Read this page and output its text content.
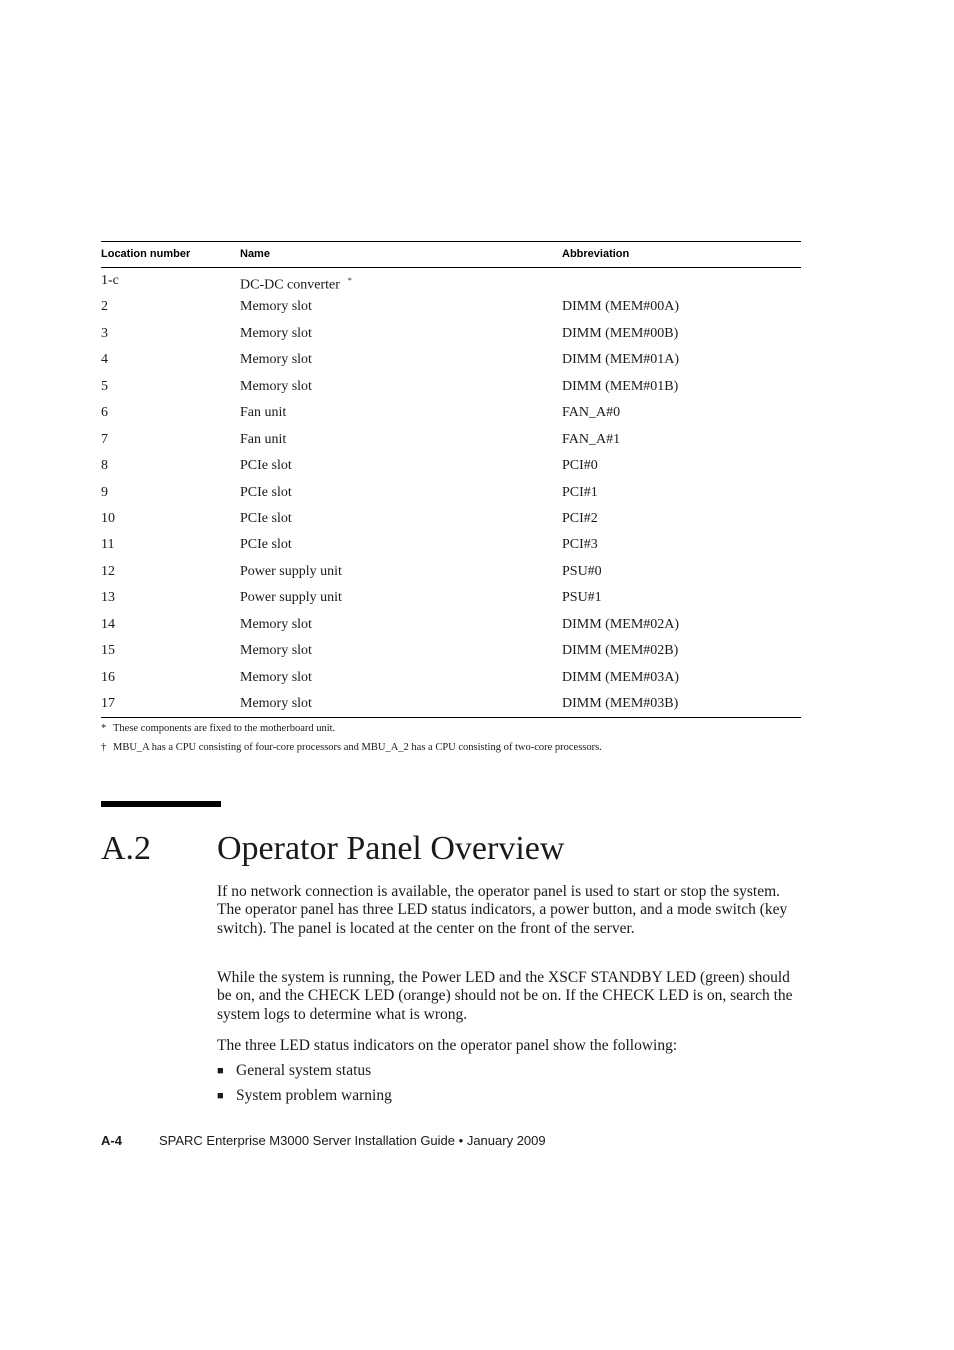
Location number	Name	Abbreviation
1-c	DC-DC converter *
2	Memory slot	DIMM (MEM#00A)
3	Memory slot	DIMM (MEM#00B)
4	Memory slot	DIMM (MEM#01A)
5	Memory slot	DIMM (MEM#01B)
6	Fan unit	FAN_A#0
7	Fan unit	FAN_A#1
8	PCIe slot	PCI#0
9	PCIe slot	PCI#1
10	PCIe slot	PCI#2
11	PCIe slot	PCI#3
12	Power supply unit	PSU#0
13	Power supply unit	PSU#1
14	Memory slot	DIMM (MEM#02A)
15	Memory slot	DIMM (MEM#02B)
16	Memory slot	DIMM (MEM#03A)
17	Memory slot	DIMM (MEM#03B)
* These components are fixed to the motherboard unit.
† MBU_A has a CPU consisting of four-core processors and MBU_A_2 has a CPU consisting of two-core processors.
A.2 Operator Panel Overview

If no network connection is available, the operator panel is used to start or stop the system. The operator panel has three LED status indicators, a power button, and a mode switch (key switch). The panel is located at the center on the front of the server.

While the system is running, the Power LED and the XSCF STANDBY LED (green) should be on, and the CHECK LED (orange) should not be on. If the CHECK LED is on, search the system logs to determine what is wrong.

The three LED status indicators on the operator panel show the following:

■ General system status
■ System problem warning
A-4	SPARC Enterprise M3000 Server Installation Guide • January 2009
